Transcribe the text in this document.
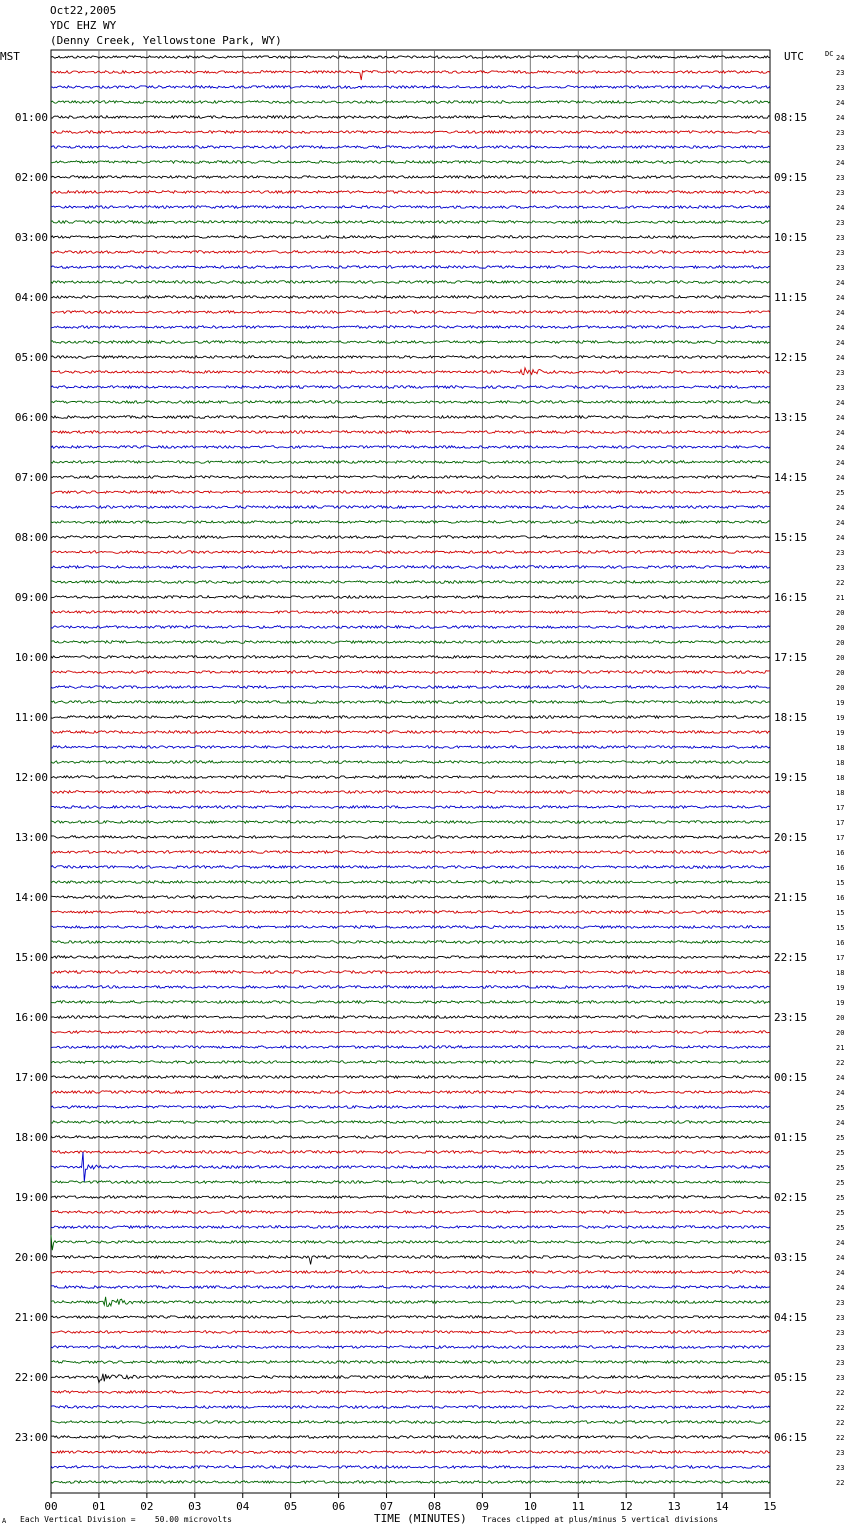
Oct22,2005
YDC EHZ WY
(Denny Creek, Yellowstone Park, WY)
MST	UTC	24
23
23
24
24
23
23
24
23
23
24
23
23
23
23
24
24
24
24
24
24
23
23
24
24
24
24
24
24
25
24
24
24
23
23
22
21
20
20
20
20
20
20
19
19
19
18
18
18
18
17
17
17
16
16
15
16
15
15
16
17
18
19
19
20
20
21
22
24
24
25
24
25
25
25
25
25
25
25
24
24
24
24
23
23
23
23
23
23
22
22
22
22
23
23
22
DC
01:00
02:00
03:00
04:00
05:00
06:00
07:00
08:00
09:00
10:00
11:00
12:00
13:00
14:00
15:00
16:00
17:00
18:00
19:00
20:00
21:00
22:00
23:00
08:15
09:15
10:15
11:15
12:15
13:15
14:15
15:15
16:15
17:15
18:15
19:15
20:15
21:15
22:15
23:15
00:15
01:15
02:15
03:15
04:15
05:15
06:15
00	01	02	03	04	05	06	07	08	09	10	11	12	13	14	15
A Each Vertical Division =    50.00 microvolts	TIME (MINUTES) Traces clipped at plus/minus 5 vertical divisions
